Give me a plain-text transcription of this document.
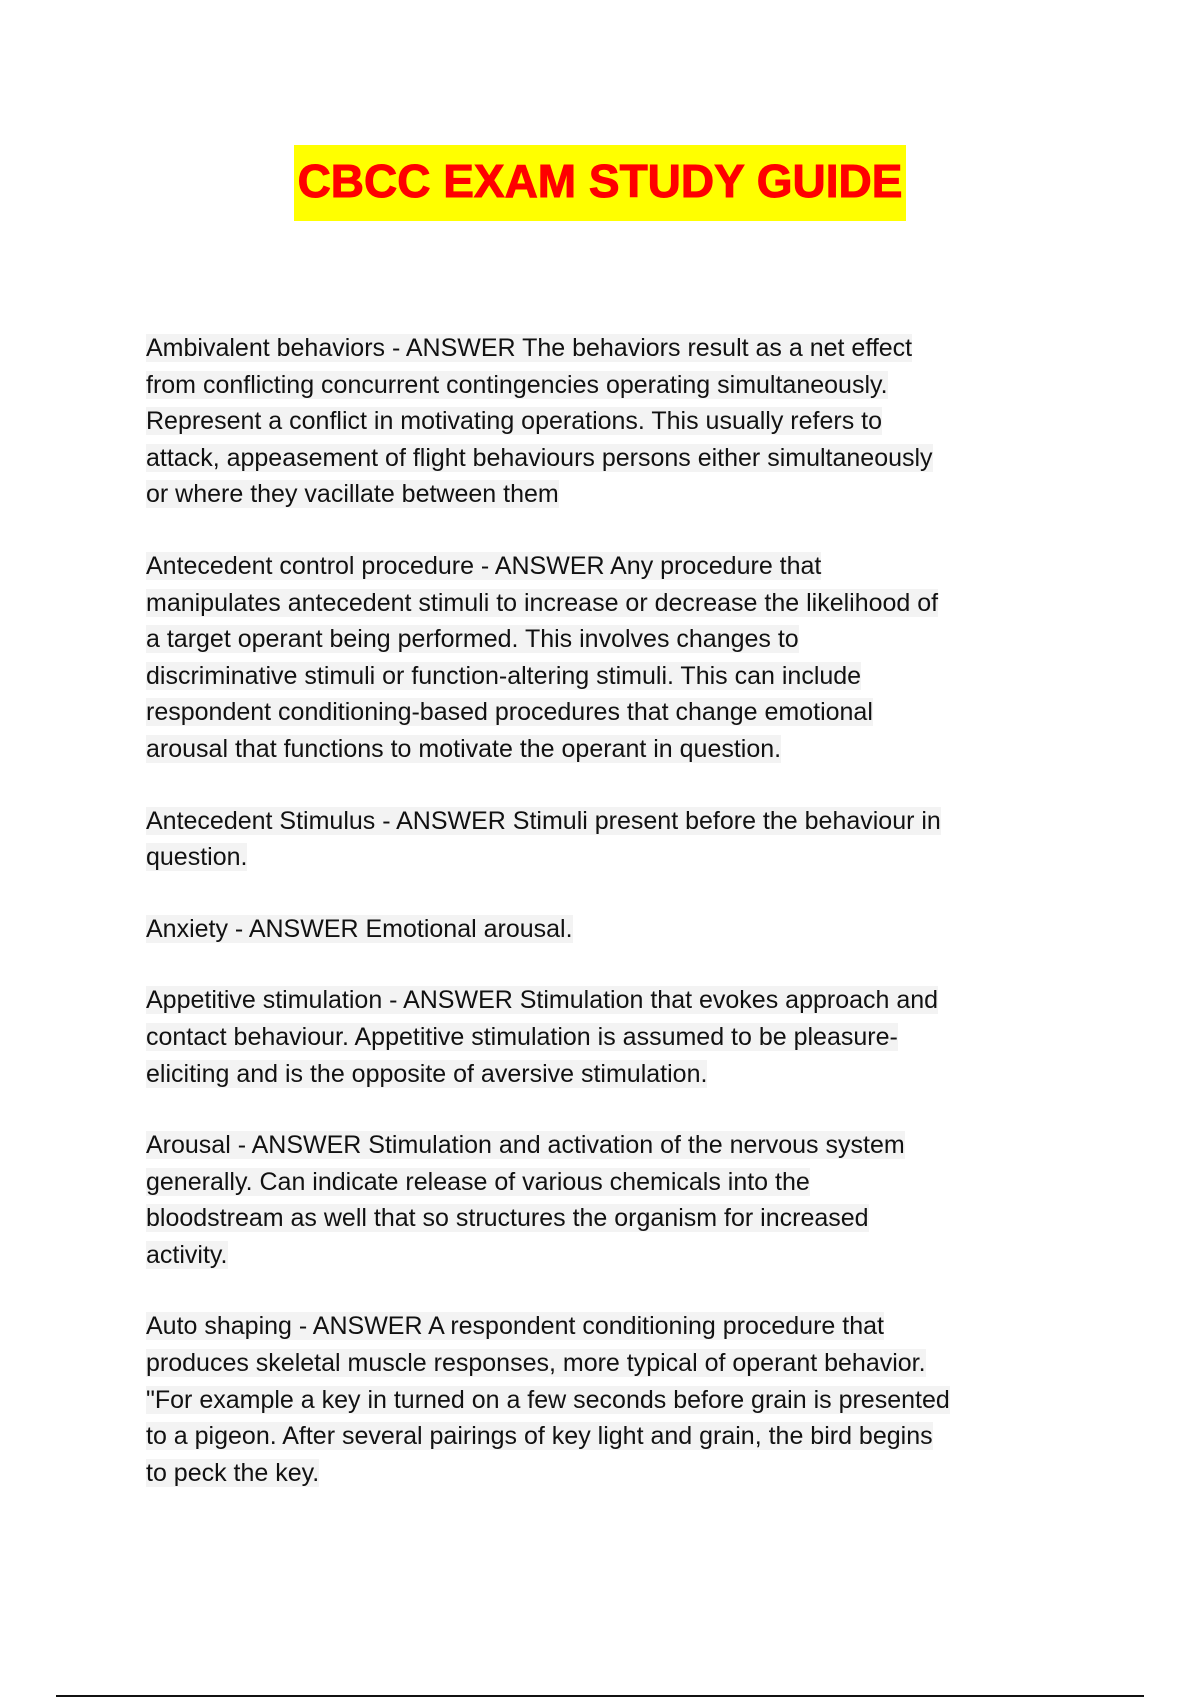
CBCC EXAM STUDY GUIDE
Ambivalent behaviors - ANSWER The behaviors result as a net effect
from conflicting concurrent contingencies operating simultaneously.
Represent a conflict in motivating operations. This usually refers to
attack, appeasement of flight behaviours persons either simultaneously
or where they vacillate between them
Antecedent control procedure - ANSWER Any procedure that
manipulates antecedent stimuli to increase or decrease the likelihood of
a target operant being performed. This involves changes to
discriminative stimuli or function-altering stimuli. This can include
respondent conditioning-based procedures that change emotional
arousal that functions to motivate the operant in question.
Antecedent Stimulus - ANSWER Stimuli present before the behaviour in
question.
Anxiety - ANSWER Emotional arousal.
Appetitive stimulation - ANSWER Stimulation that evokes approach and
contact behaviour. Appetitive stimulation is assumed to be pleasure-
eliciting and is the opposite of aversive stimulation.
Arousal - ANSWER Stimulation and activation of the nervous system
generally. Can indicate release of various chemicals into the
bloodstream as well that so structures the organism for increased
activity.
Auto shaping - ANSWER A respondent conditioning procedure that
produces skeletal muscle responses, more typical of operant behavior.
"For example a key in turned on a few seconds before grain is presented
to a pigeon. After several pairings of key light and grain, the bird begins
to peck the key.
